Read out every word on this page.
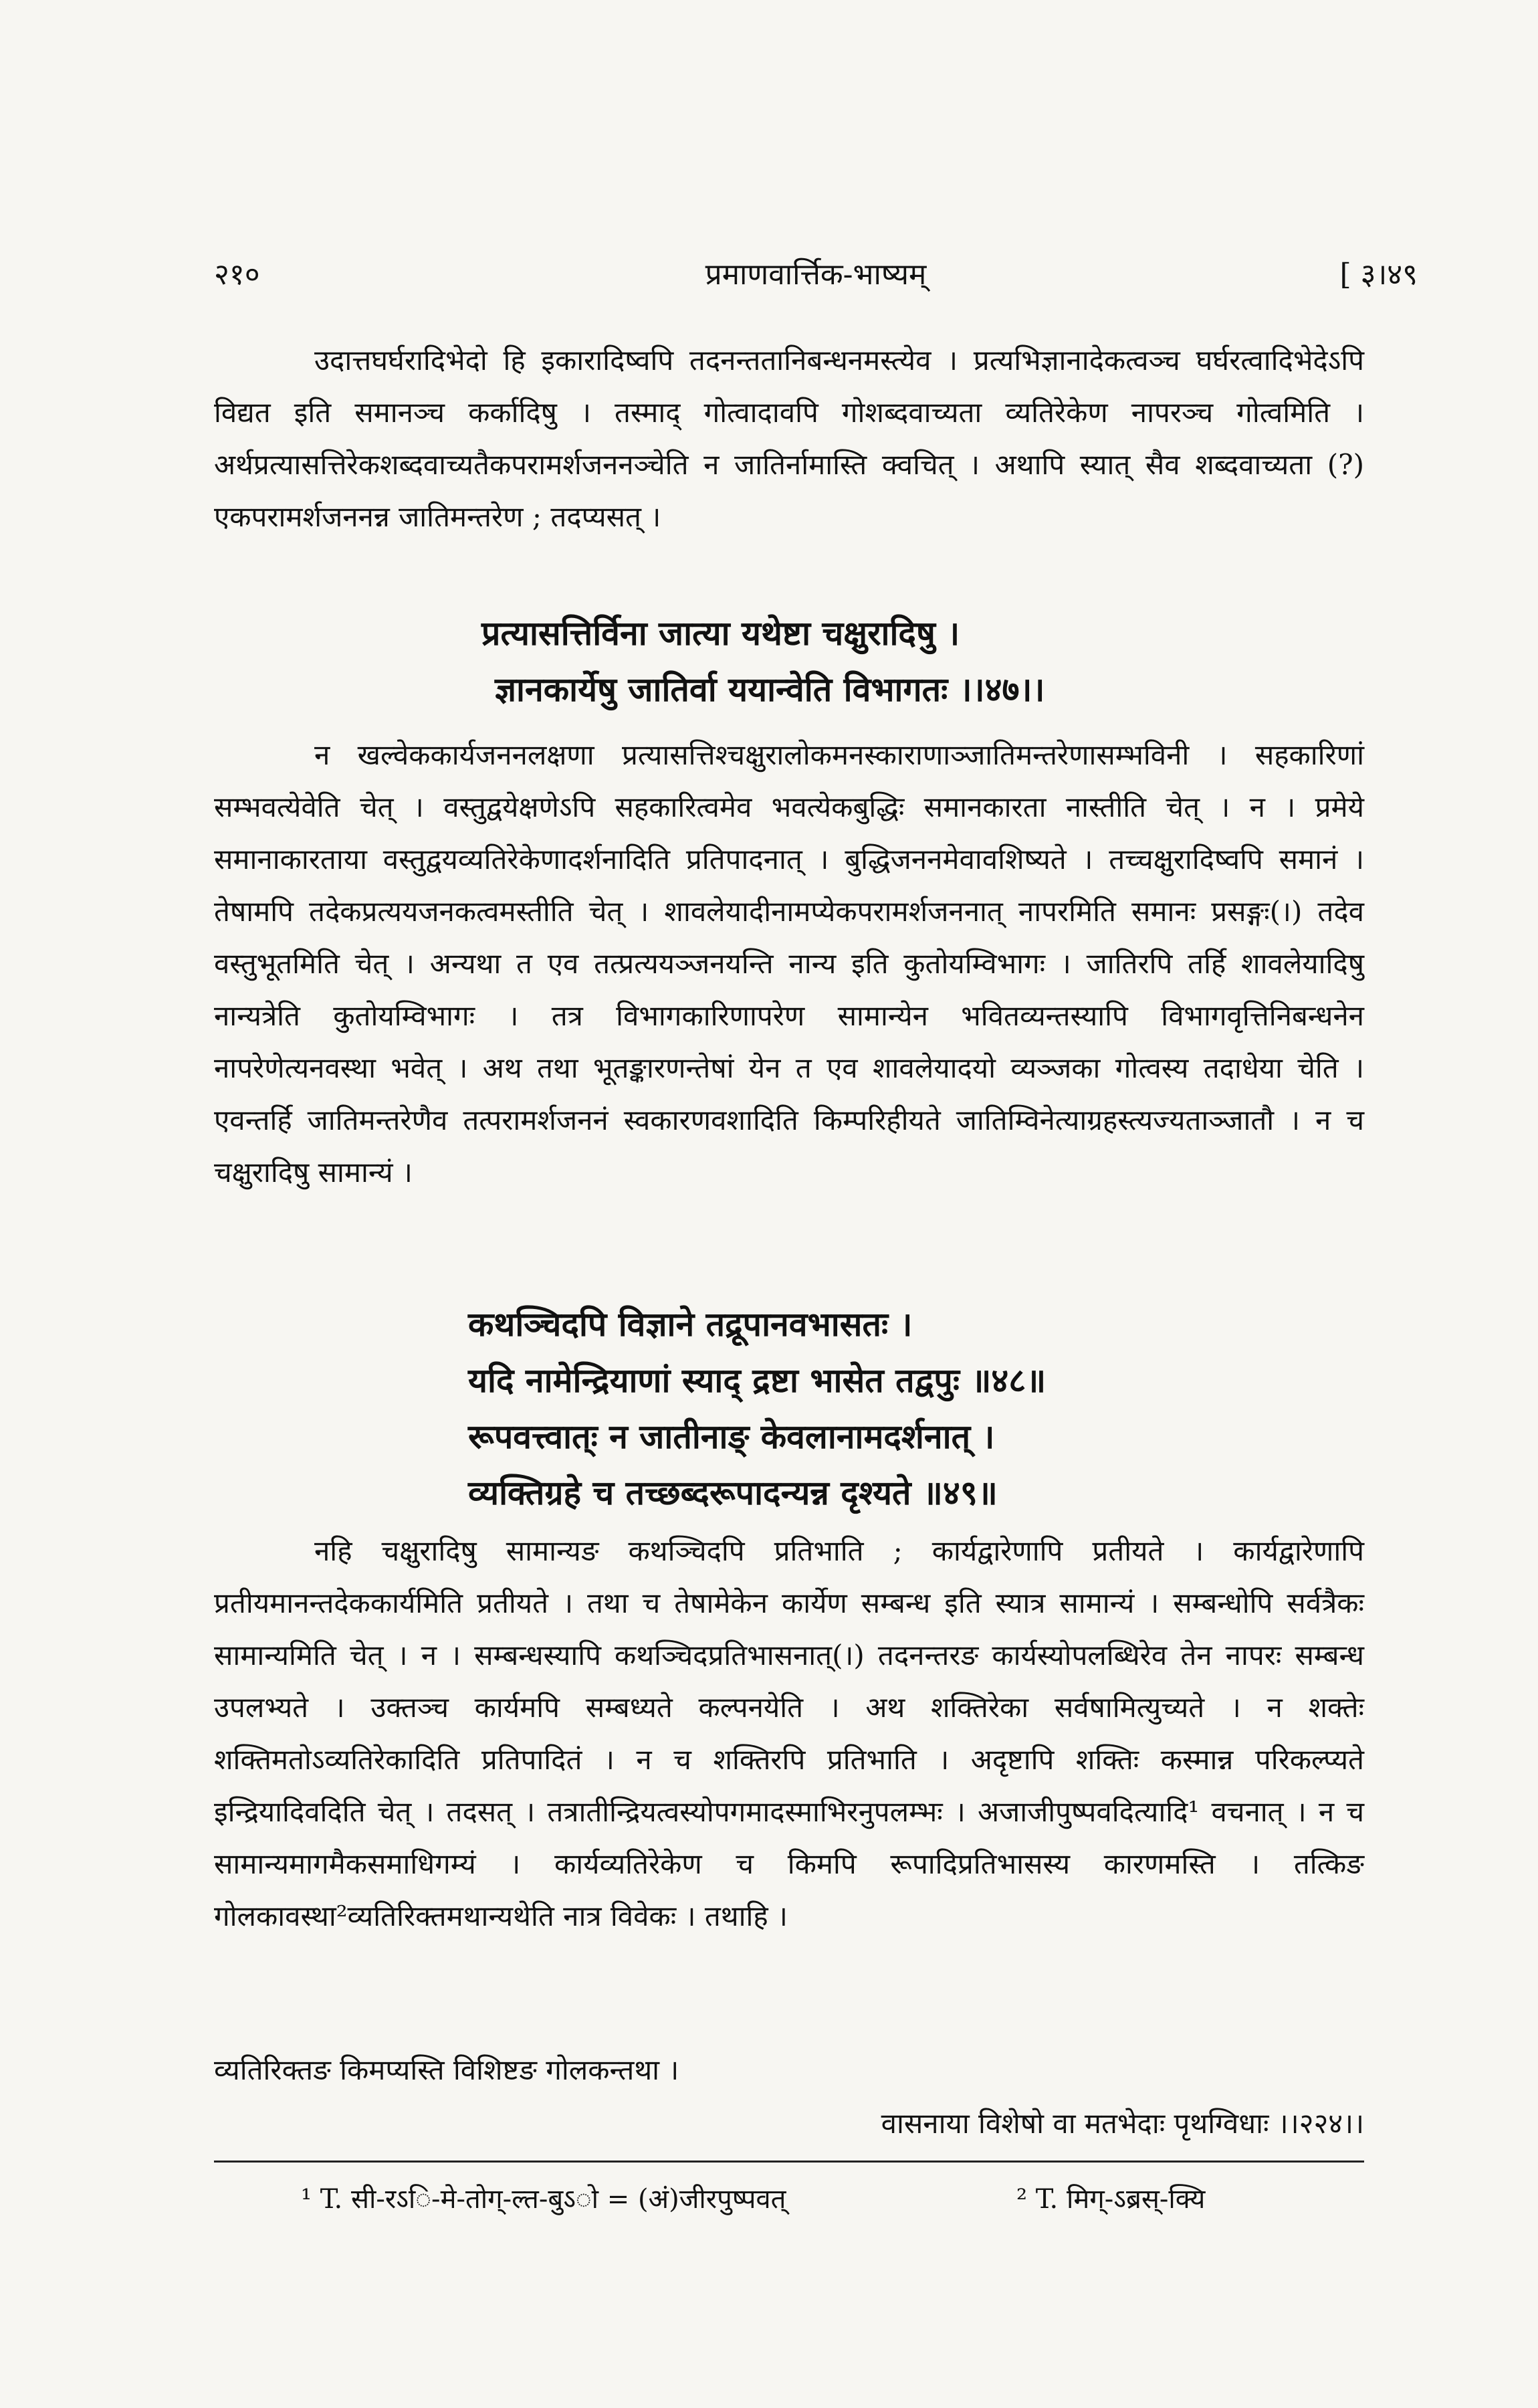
२१०	प्रमाणवार्त्तिक-भाष्यम्	[ ३।४९

उदात्तघर्घरादिभेदो हि इकारादिष्वपि तदनन्ततानिबन्धनमस्त्येव । प्रत्यभिज्ञानादेकत्वञ्च घर्घरत्वादिभेदेऽपि विद्यत इति समानञ्च कर्कादिषु । तस्माद् गोत्वादावपि गोशब्दवाच्यता व्यतिरेकेण नापरञ्च गोत्वमिति । अर्थप्रत्यासत्तिरेकशब्दवाच्यतैकपरामर्शजननञ्चेति न जातिर्नामास्ति क्वचित् । अथापि स्यात् सैव शब्दवाच्यता (?) एकपरामर्शजननन्न जातिमन्तरेण ; तदप्यसत् ।

प्रत्यासत्तिर्विना जात्या यथेष्टा चक्षुरादिषु ।
ज्ञानकार्येषु जातिर्वा ययान्वेति विभागतः ।।४७।।

न खल्वेककार्यजननलक्षणा प्रत्यासत्तिश्चक्षुरालोकमनस्काराणाञ्जातिमन्तरेणासम्भविनी । सहकारिणां सम्भवत्येवेति चेत् । वस्तुद्वयेक्षणेऽपि सहकारित्वमेव भवत्येकबुद्धिः समानकारता नास्तीति चेत् । न । प्रमेये समानाकारताया वस्तुद्वयव्यतिरेकेणादर्शनादिति प्रतिपादनात् । बुद्धिजननमेवावशिष्यते । तच्चक्षुरादिष्वपि समानं । तेषामपि तदेकप्रत्ययजनकत्वमस्तीति चेत् । शावलेयादीनामप्येकपरामर्शजननात् नापरमिति समानः प्रसङ्गः(।) तदेव वस्तुभूतमिति चेत् । अन्यथा त एव तत्प्रत्ययञ्जनयन्ति नान्य इति कुतोयम्विभागः । जातिरपि तर्हि शावलेयादिषु नान्यत्रेति कुतोयम्विभागः । तत्र विभागकारिणापरेण सामान्येन भवितव्यन्तस्यापि विभागवृत्तिनिबन्धनेन नापरेणेत्यनवस्था भवेत् । अथ तथा भूतङ्कारणन्तेषां येन त एव शावलेयादयो व्यञ्जका गोत्वस्य तदाधेया चेति । एवन्तर्हि जातिमन्तरेणैव तत्परामर्शजननं स्वकारणवशादिति किम्परिहीयते जातिम्विनेत्याग्रहस्त्यज्यताञ्जातौ । न च चक्षुरादिषु सामान्यं ।

कथञ्चिदपि विज्ञाने तद्रूपानवभासतः ।
यदि नामेन्द्रियाणां स्याद् द्रष्टा भासेत तद्वपुः ॥४८॥
रूपवत्त्वात्ः न जातीनाङ् केवलानामदर्शनात् ।
व्यक्तिग्रहे च तच्छब्दरूपादन्यन्न दृश्यते ॥४९॥

नहि चक्षुरादिषु सामान्यङ कथञ्चिदपि प्रतिभाति ; कार्यद्वारेणापि प्रतीयते । कार्यद्वारेणापि प्रतीयमानन्तदेककार्यमिति प्रतीयते । तथा च तेषामेकेन कार्येण सम्बन्ध इति स्यात्र सामान्यं । सम्बन्धोपि सर्वत्रैकः सामान्यमिति चेत् । न । सम्बन्धस्यापि कथञ्चिदप्रतिभासनात्(।) तदनन्तरङ कार्यस्योपलब्धिरेव तेन नापरः सम्बन्ध उपलभ्यते । उक्तञ्च कार्यमपि सम्बध्यते कल्पनयेति । अथ शक्तिरेका सर्वषामित्युच्यते । न शक्तेः शक्तिमतोऽव्यतिरेकादिति प्रतिपादितं । न च शक्तिरपि प्रतिभाति । अदृष्टापि शक्तिः कस्मान्न परिकल्प्यते इन्द्रियादिवदिति चेत् । तदसत् । तत्रातीन्द्रियत्वस्योपगमादस्माभिरनुपलम्भः । अजाजीपुष्पवदित्यादि¹ वचनात् । न च सामान्यमागमैकसमाधिगम्यं । कार्यव्यतिरेकेण च किमपि रूपादिप्रतिभासस्य कारणमस्ति । तत्किङ गोलकावस्था²व्यतिरिक्तमथान्यथेति नात्र विवेकः । तथाहि ।

व्यतिरिक्तङ किमप्यस्ति विशिष्टङ गोलकन्तथा ।
वासनाया विशेषो वा मतभेदाः पृथग्विधाः ।।२२४।।
¹ T. सी-रऽि-मे-तोग्-ल्त-बुऽो = (अं)जीरपुष्पवत्	² T. मिग्-ऽब्रस्-क्यि
